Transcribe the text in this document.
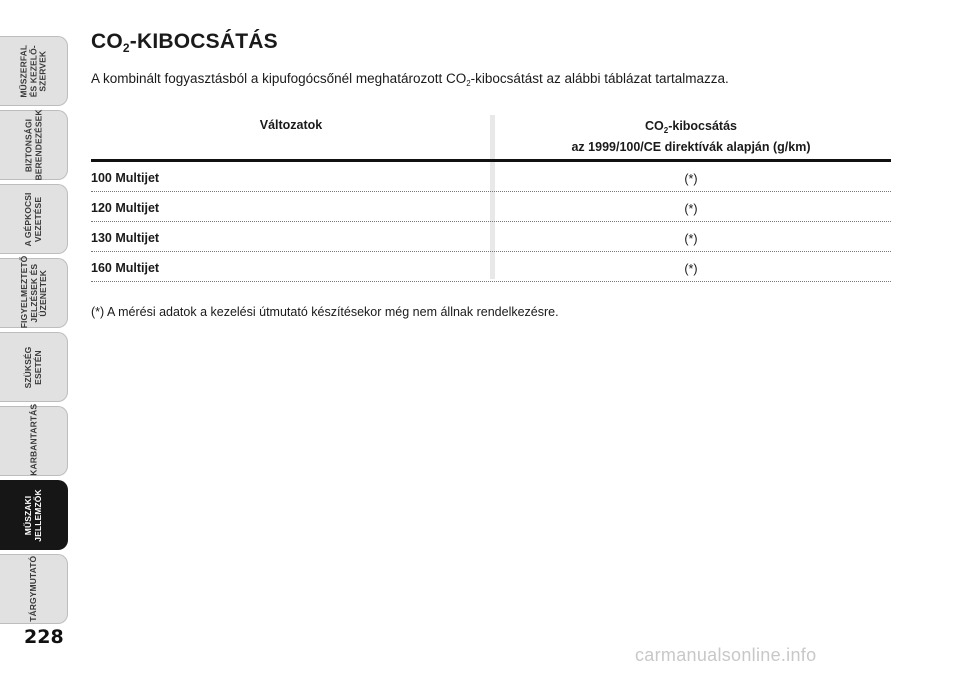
MŰSZERFAL
ÉS KEZELŐ-
SZERVEK
BIZTONSÁGI
BERENDEZÉSEK
A GÉPKOCSI
VEZETÉSE
FIGYELMEZTETŐ
JELZÉSEK ÉS
ÜZENETEK
SZÜKSÉG
ESETÉN
KARBANTARTÁS
MŰSZAKI
JELLEMZŐK
TÁRGYMUTATÓ
228
$CO_2$-KIBOCSÁTÁS

A kombinált fogyasztásból a kipufogócsőnél meghatározott $CO_2$-kibocsátást az alábbi táblázat tartalmazza.

Változatok	$CO_2$-kibocsátás
az 1999/100/CE direktívák alapján (g/km)
100 Multijet	(*)
120 Multijet	(*)
130 Multijet	(*)
160 Multijet	(*)

(*) A mérési adatok a kezelési útmutató készítésekor még nem állnak rendelkezésre.

carmanualsonline.info
